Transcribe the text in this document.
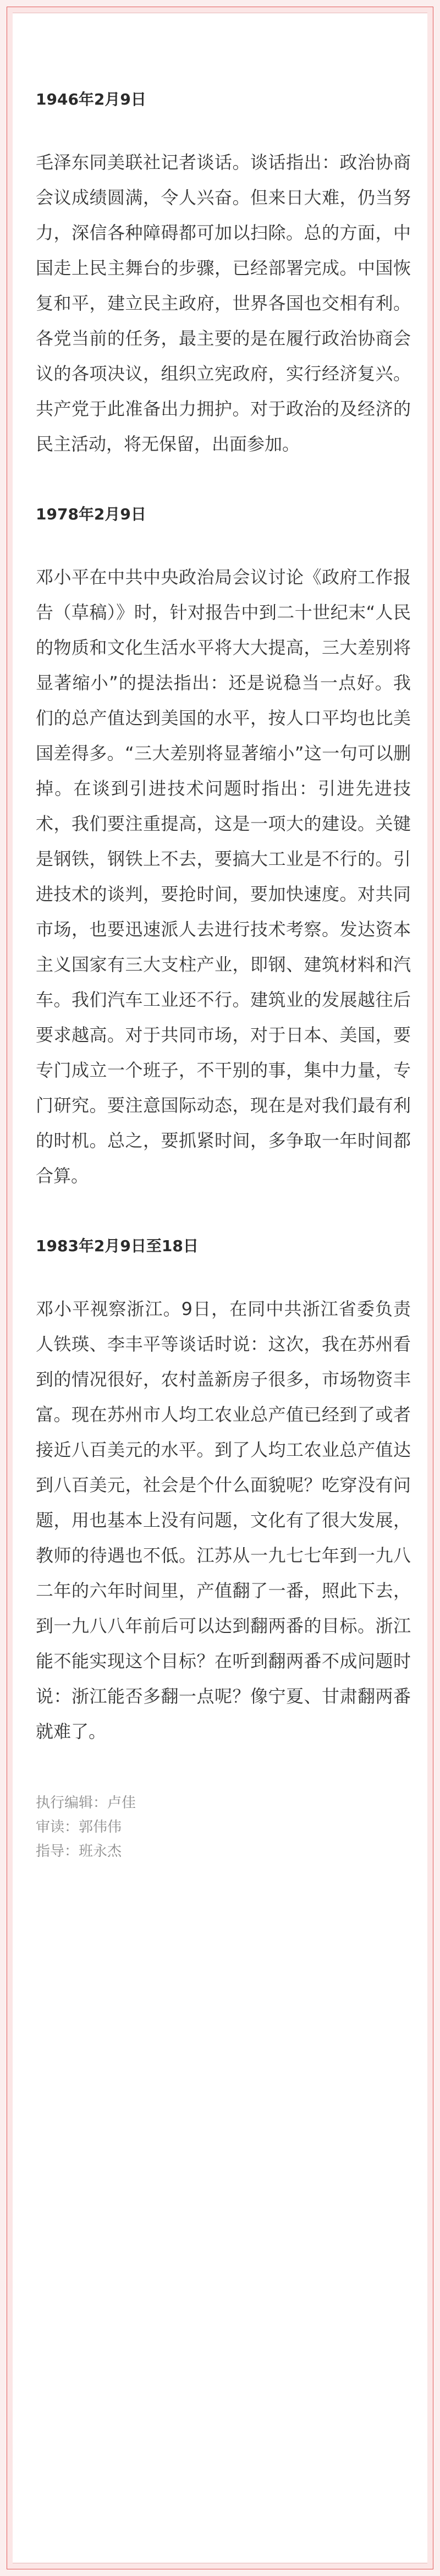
1946年2月9日

毛泽东同美联社记者谈话。谈话指出：政治协商会议成绩圆满，令人兴奋。但来日大难，仍当努力，深信各种障碍都可加以扫除。总的方面，中国走上民主舞台的步骤，已经部署完成。中国恢复和平，建立民主政府，世界各国也交相有利。各党当前的任务，最主要的是在履行政治协商会议的各项决议，组织立宪政府，实行经济复兴。共产党于此准备出力拥护。对于政治的及经济的民主活动，将无保留，出面参加。

1978年2月9日

邓小平在中共中央政治局会议讨论《政府工作报告（草稿）》时，针对报告中到二十世纪末“人民的物质和文化生活水平将大大提高，三大差别将显著缩小”的提法指出：还是说稳当一点好。我们的总产值达到美国的水平，按人口平均也比美国差得多。“三大差别将显著缩小”这一句可以删掉。在谈到引进技术问题时指出：引进先进技术，我们要注重提高，这是一项大的建设。关键是钢铁，钢铁上不去，要搞大工业是不行的。引进技术的谈判，要抢时间，要加快速度。对共同市场，也要迅速派人去进行技术考察。发达资本主义国家有三大支柱产业，即钢、建筑材料和汽车。我们汽车工业还不行。建筑业的发展越往后要求越高。对于共同市场，对于日本、美国，要专门成立一个班子，不干别的事，集中力量，专门研究。要注意国际动态，现在是对我们最有利的时机。总之，要抓紧时间，多争取一年时间都合算。

1983年2月9日至18日

邓小平视察浙江。9日，在同中共浙江省委负责人铁瑛、李丰平等谈话时说：这次，我在苏州看到的情况很好，农村盖新房子很多，市场物资丰富。现在苏州市人均工农业总产值已经到了或者接近八百美元的水平。到了人均工农业总产值达到八百美元，社会是个什么面貌呢？吃穿没有问题，用也基本上没有问题，文化有了很大发展，教师的待遇也不低。江苏从一九七七年到一九八二年的六年时间里，产值翻了一番，照此下去，到一九八八年前后可以达到翻两番的目标。浙江能不能实现这个目标？在听到翻两番不成问题时说：浙江能否多翻一点呢？像宁夏、甘肃翻两番就难了。

执行编辑：卢佳
审读：郭伟伟
指导：班永杰
